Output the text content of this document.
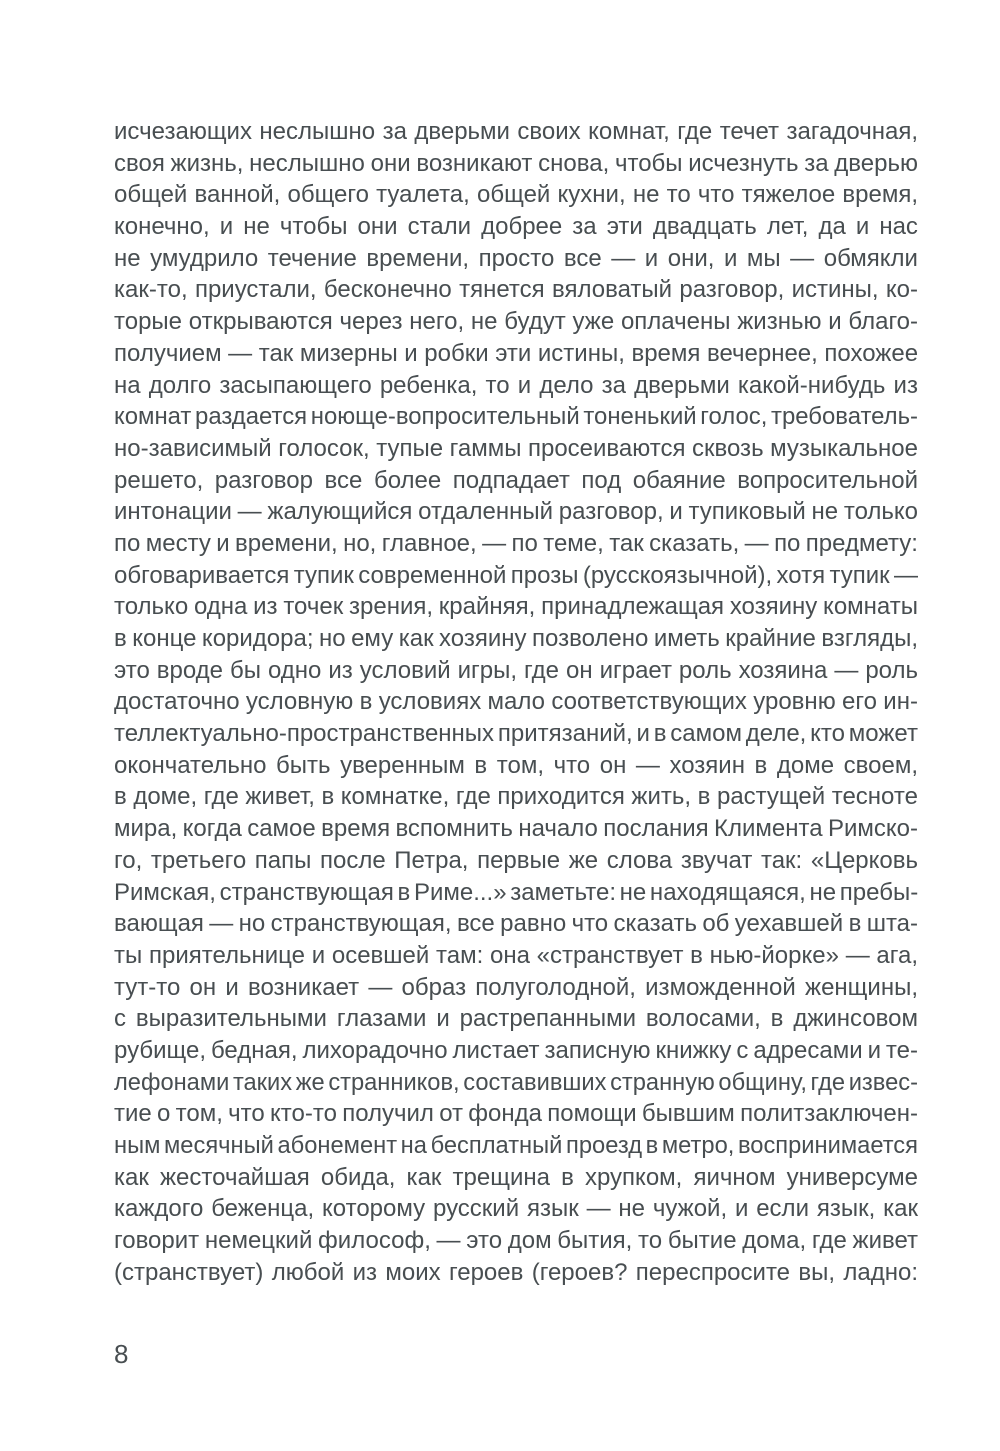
исчезающих неслышно за дверьми своих комнат, где течет загадочная,
своя жизнь, неслышно они возникают снова, чтобы исчезнуть за дверью
общей ванной, общего туалета, общей кухни, не то что тяжелое время,
конечно, и не чтобы они стали добрее за эти двадцать лет, да и нас
не умудрило течение времени, просто все — и они, и мы — обмякли
как-то, приустали, бесконечно тянется вяловатый разговор, истины, ко-
торые открываются через него, не будут уже оплачены жизнью и благо-
получием — так мизерны и робки эти истины, время вечернее, похожее
на долго засыпающего ребенка, то и дело за дверьми какой-нибудь из
комнат раздается ноюще-вопросительный тоненький голос, требователь-
но-зависимый голосок, тупые гаммы просеиваются сквозь музыкальное
решето, разговор все более подпадает под обаяние вопросительной
интонации — жалующийся отдаленный разговор, и тупиковый не только
по месту и времени, но, главное, — по теме, так сказать, — по предмету:
обговаривается тупик современной прозы (русскоязычной), хотя тупик —
только одна из точек зрения, крайняя, принадлежащая хозяину комнаты
в конце коридора; но ему как хозяину позволено иметь крайние взгляды,
это вроде бы одно из условий игры, где он играет роль хозяина — роль
достаточно условную в условиях мало соответствующих уровню его ин-
теллектуально-пространственных притязаний, и в самом деле, кто может
окончательно быть уверенным в том, что он — хозяин в доме своем,
в доме, где живет, в комнатке, где приходится жить, в растущей тесноте
мира, когда самое время вспомнить начало послания Климента Римско-
го, третьего папы после Петра, первые же слова звучат так: «Церковь
Римская, странствующая в Риме...» заметьте: не находящаяся, не пребы-
вающая — но странствующая, все равно что сказать об уехавшей в шта-
ты приятельнице и осевшей там: она «странствует в нью-йорке» — ага,
тут-то он и возникает — образ полуголодной, изможденной женщины,
с выразительными глазами и растрепанными волосами, в джинсовом
рубище, бедная, лихорадочно листает записную книжку с адресами и те-
лефонами таких же странников, составивших странную общину, где извес-
тие о том, что кто-то получил от фонда помощи бывшим политзаключен-
ным месячный абонемент на бесплатный проезд в метро, воспринимается
как жесточайшая обида, как трещина в хрупком, яичном универсуме
каждого беженца, которому русский язык — не чужой, и если язык, как
говорит немецкий философ, — это дом бытия, то бытие дома, где живет
(странствует) любой из моих героев (героев? переспросите вы, ладно:
8
